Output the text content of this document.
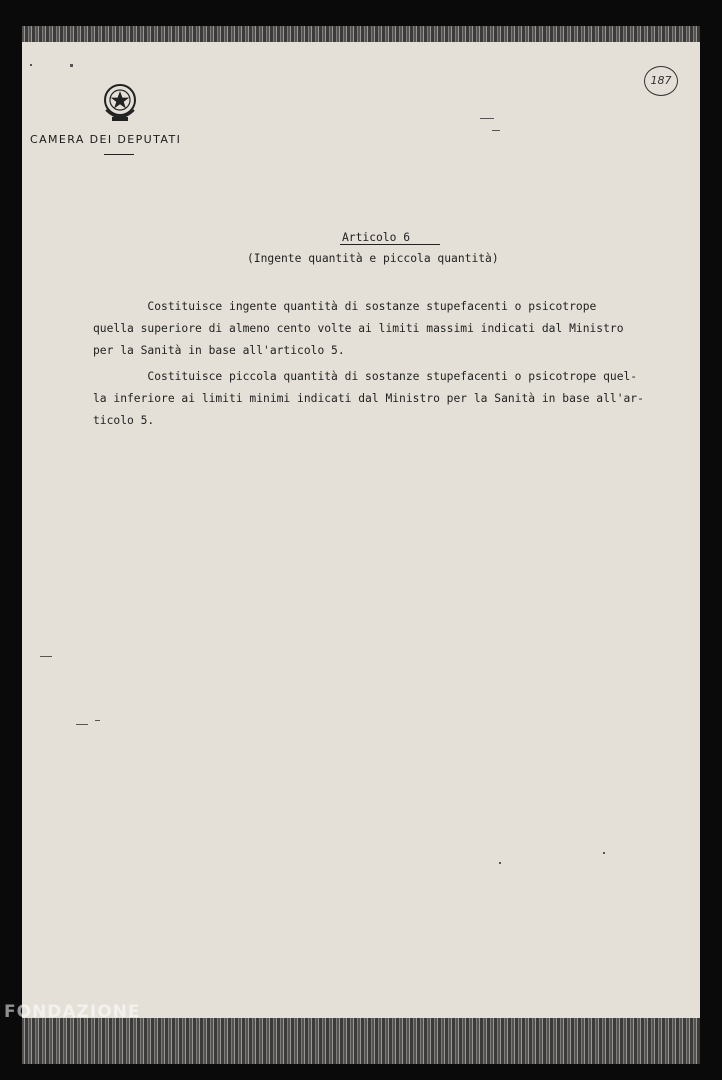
CAMERA DEI DEPUTATI
187
Articolo 6
(Ingente quantità e piccola quantità)

Costituisce ingente quantità di sostanze stupefacenti o psicotrope
quella superiore di almeno cento volte ai limiti massimi indicati dal Ministro
per la Sanità in base all'articolo 5.

Costituisce piccola quantità di sostanze stupefacenti o psicotrope quel-
la inferiore ai limiti minimi indicati dal Ministro per la Sanità in base all'ar-
ticolo 5.

FONDAZIONE
